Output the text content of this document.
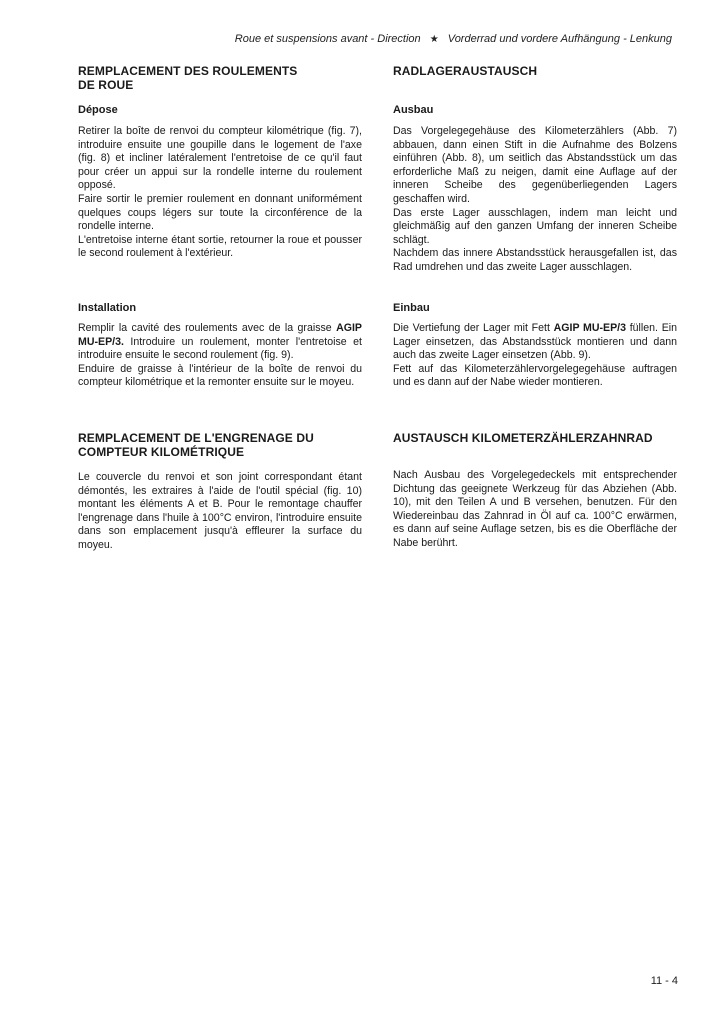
Roue et suspensions avant - Direction ★ Vorderrad und vordere Aufhängung - Lenkung
REMPLACEMENT DES ROULEMENTS
DE ROUE
Dépose

Retirer la boîte de renvoi du compteur kilométrique (fig. 7), introduire ensuite une goupille dans le logement de l'axe (fig. 8) et incliner latéralement l'entretoise de ce qu'il faut pour créer un appui sur la rondelle interne du roulement opposé.

Faire sortir le premier roulement en donnant uniformément quelques coups légers sur toute la circonférence de la rondelle interne.

L'entretoise interne étant sortie, retourner la roue et pousser le second roulement à l'extérieur.

Installation

Remplir la cavité des roulements avec de la graisse AGIP MU-EP/3. Introduire un roulement, monter l'entretoise et introduire ensuite le second roulement (fig. 9).

Enduire de graisse à l'intérieur de la boîte de renvoi du compteur kilométrique et la remonter ensuite sur le moyeu.

REMPLACEMENT DE L'ENGRENAGE DU
COMPTEUR KILOMÉTRIQUE

Le couvercle du renvoi et son joint correspondant étant démontés, les extraires à l'aide de l'outil spécial (fig. 10) montant les éléments A et B. Pour le remontage chauffer l'engrenage dans l'huile à 100°C environ, l'introduire ensuite dans son emplacement jusqu'à effleurer la surface du moyeu.

RADLAGERAUSTAUSCH
Ausbau

Das Vorgelegegehäuse des Kilometerzählers (Abb. 7) abbauen, dann einen Stift in die Aufnahme des Bolzens einführen (Abb. 8), um seitlich das Abstandsstück um das erforderliche Maß zu neigen, damit eine Auflage auf der inneren Scheibe des gegenüberliegenden Lagers geschaffen wird.

Das erste Lager ausschlagen, indem man leicht und gleichmäßig auf den ganzen Umfang der inneren Scheibe schlägt.

Nachdem das innere Abstandsstück herausgefallen ist, das Rad umdrehen und das zweite Lager ausschlagen.

Einbau

Die Vertiefung der Lager mit Fett AGIP MU-EP/3 füllen. Ein Lager einsetzen, das Abstandsstück montieren und dann auch das zweite Lager einsetzen (Abb. 9).

Fett auf das Kilometerzählervorgelegegehäuse auftragen und es dann auf der Nabe wieder montieren.

AUSTAUSCH KILOMETERZÄHLERZAHNRAD

Nach Ausbau des Vorgelegedeckels mit entsprechender Dichtung das geeignete Werkzeug für das Abziehen (Abb. 10), mit den Teilen A und B versehen, benutzen. Für den Wiedereinbau das Zahnrad in Öl auf ca. 100°C erwärmen, es dann auf seine Auflage setzen, bis es die Oberfläche der Nabe berührt.

11 - 4
